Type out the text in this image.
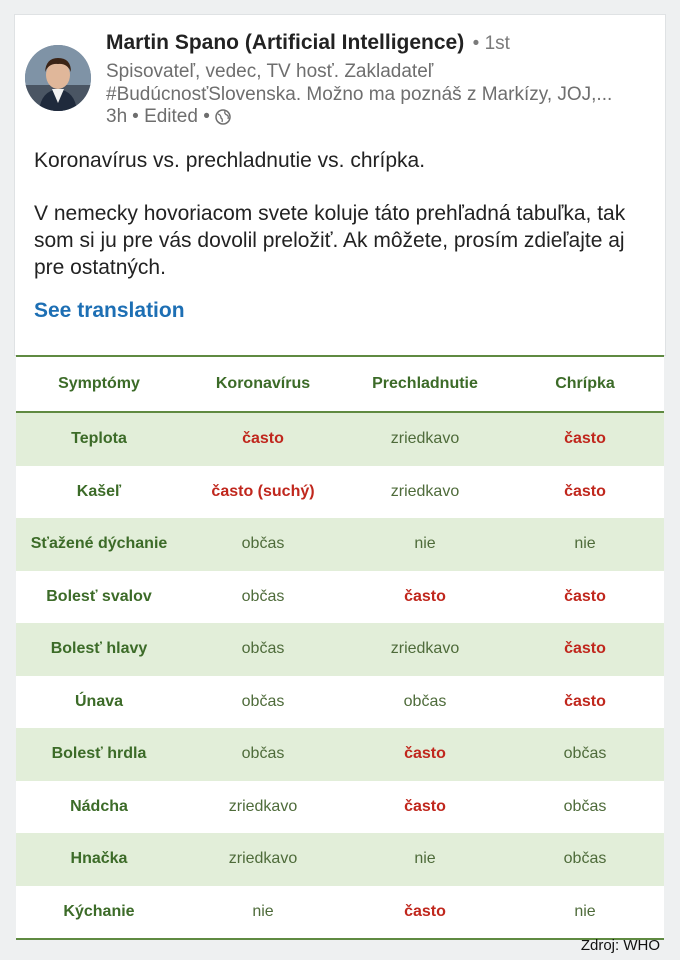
Martin Spano (Artificial Intelligence) • 1st
Spisovateľ, vedec, TV hosť. Zakladateľ
#BudúcnosťSlovenska. Možno ma poznáš z Markízy, JOJ,...
3h • Edited •

Koronavírus vs. prechladnutie vs. chrípka.

V nemecky hovoriacom svete koluje táto prehľadná tabuľka, tak som si ju pre vás dovolil preložiť. Ak môžete, prosím zdieľajte aj pre ostatných.

See translation
Symptómy	Koronavírus	Prechladnutie	Chrípka
Teplota	často	zriedkavo	často
Kašeľ	často (suchý)	zriedkavo	často
Sťažené dýchanie	občas	nie	nie
Bolesť svalov	občas	často	často
Bolesť hlavy	občas	zriedkavo	často
Únava	občas	občas	často
Bolesť hrdla	občas	často	občas
Nádcha	zriedkavo	často	občas
Hnačka	zriedkavo	nie	občas
Kýchanie	nie	často	nie
Zdroj: WHO
